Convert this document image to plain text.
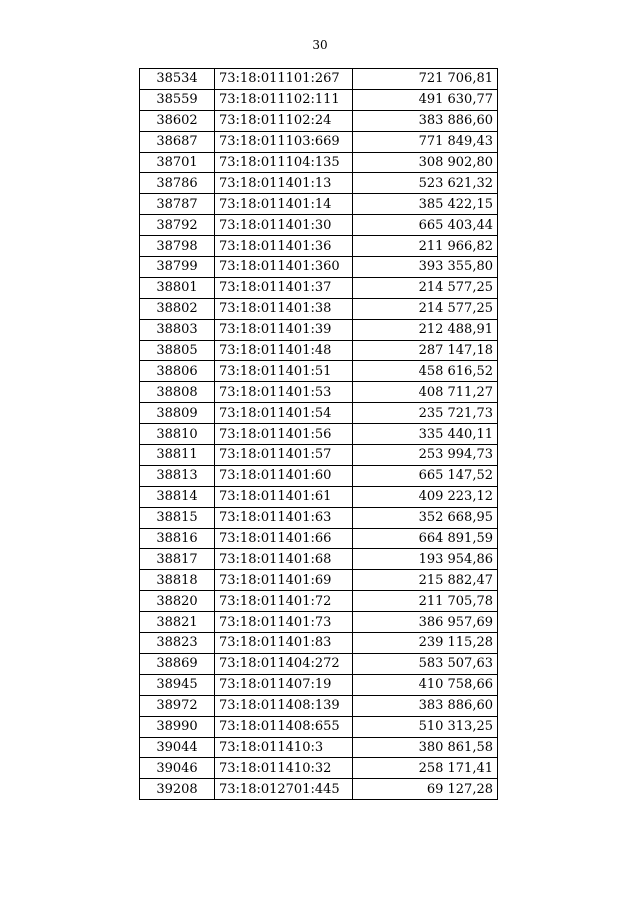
30
38534	73:18:011101:267	721 706,81
38559	73:18:011102:111	491 630,77
38602	73:18:011102:24	383 886,60
38687	73:18:011103:669	771 849,43
38701	73:18:011104:135	308 902,80
38786	73:18:011401:13	523 621,32
38787	73:18:011401:14	385 422,15
38792	73:18:011401:30	665 403,44
38798	73:18:011401:36	211 966,82
38799	73:18:011401:360	393 355,80
38801	73:18:011401:37	214 577,25
38802	73:18:011401:38	214 577,25
38803	73:18:011401:39	212 488,91
38805	73:18:011401:48	287 147,18
38806	73:18:011401:51	458 616,52
38808	73:18:011401:53	408 711,27
38809	73:18:011401:54	235 721,73
38810	73:18:011401:56	335 440,11
38811	73:18:011401:57	253 994,73
38813	73:18:011401:60	665 147,52
38814	73:18:011401:61	409 223,12
38815	73:18:011401:63	352 668,95
38816	73:18:011401:66	664 891,59
38817	73:18:011401:68	193 954,86
38818	73:18:011401:69	215 882,47
38820	73:18:011401:72	211 705,78
38821	73:18:011401:73	386 957,69
38823	73:18:011401:83	239 115,28
38869	73:18:011404:272	583 507,63
38945	73:18:011407:19	410 758,66
38972	73:18:011408:139	383 886,60
38990	73:18:011408:655	510 313,25
39044	73:18:011410:3	380 861,58
39046	73:18:011410:32	258 171,41
39208	73:18:012701:445	69 127,28
